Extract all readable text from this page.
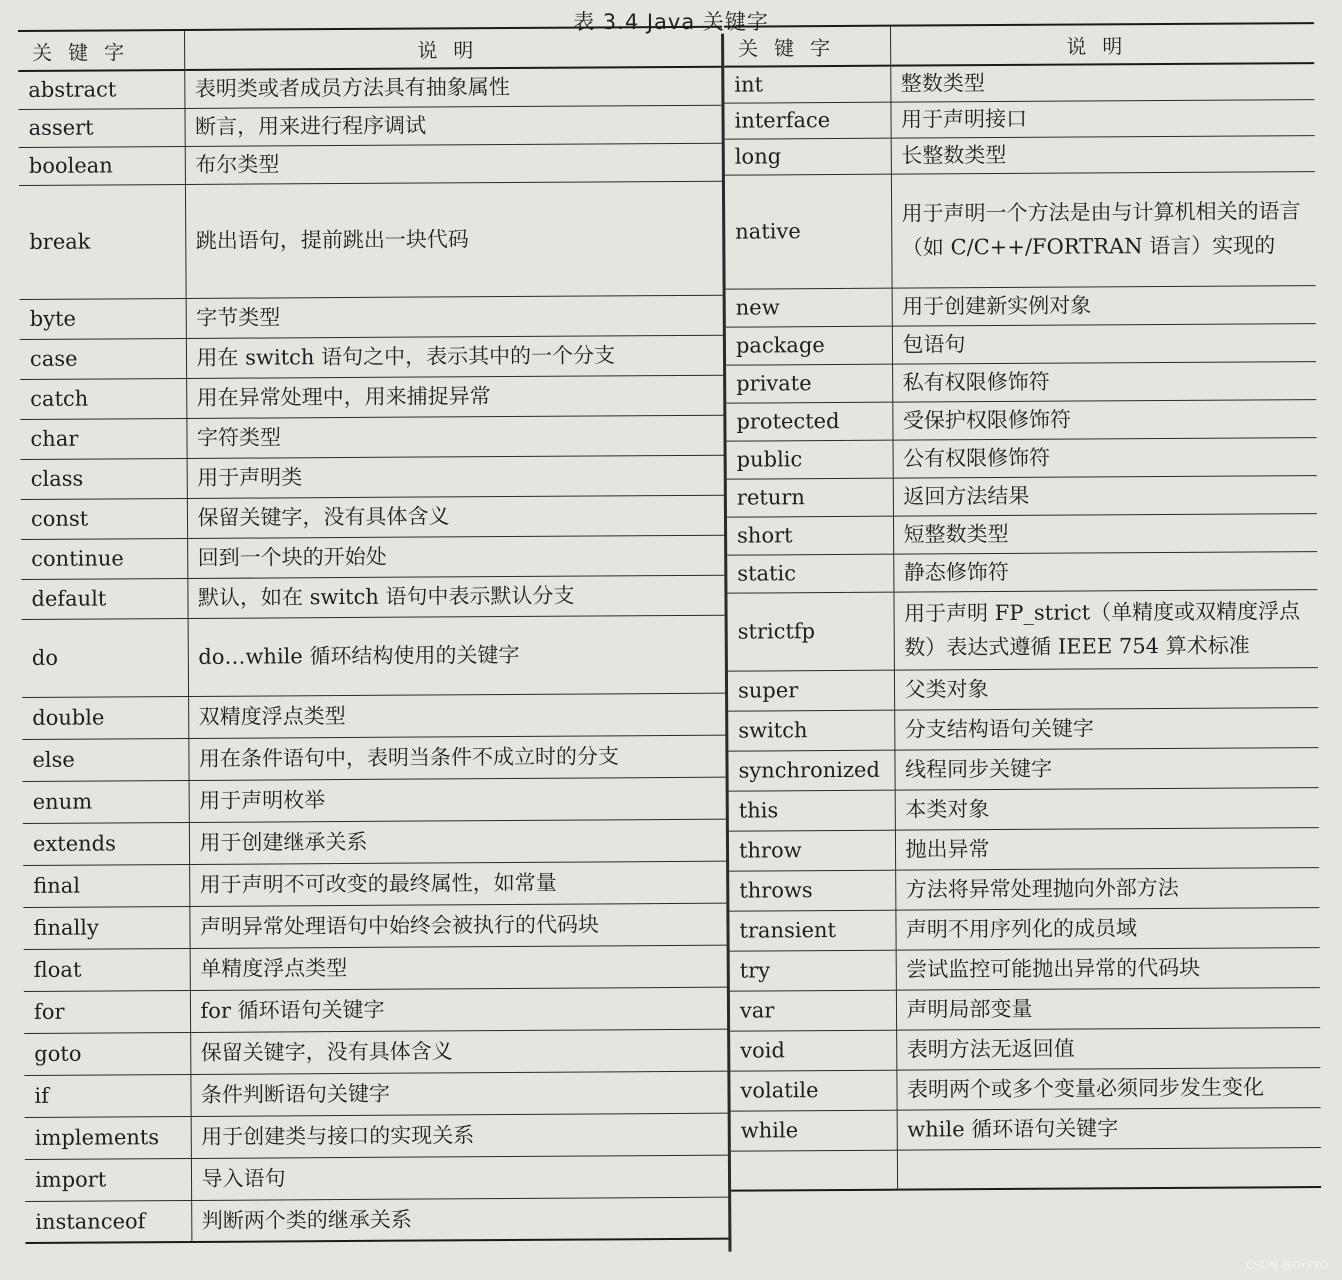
表 3.4 Java 关键字
关键字	说明
abstract	表明类或者成员方法具有抽象属性
assert	断言，用来进行程序调试
boolean	布尔类型
break	跳出语句，提前跳出一块代码
byte	字节类型
case	用在 switch 语句之中，表示其中的一个分支
catch	用在异常处理中，用来捕捉异常
char	字符类型
class	用于声明类
const	保留关键字，没有具体含义
continue	回到一个块的开始处
default	默认，如在 switch 语句中表示默认分支
do	do…while 循环结构使用的关键字
double	双精度浮点类型
else	用在条件语句中，表明当条件不成立时的分支
enum	用于声明枚举
extends	用于创建继承关系
final	用于声明不可改变的最终属性，如常量
finally	声明异常处理语句中始终会被执行的代码块
float	单精度浮点类型
for	for 循环语句关键字
goto	保留关键字，没有具体含义
if	条件判断语句关键字
implements	用于创建类与接口的实现关系
import	导入语句
instanceof	判断两个类的继承关系
关键字	说明
int	整数类型
interface	用于声明接口
long	长整数类型
native	用于声明一个方法是由与计算机相关的语言（如 C/C++/FORTRAN 语言）实现的
new	用于创建新实例对象
package	包语句
private	私有权限修饰符
protected	受保护权限修饰符
public	公有权限修饰符
return	返回方法结果
short	短整数类型
static	静态修饰符
strictfp	用于声明 FP_strict（单精度或双精度浮点数）表达式遵循 IEEE 754 算术标准
super	父类对象
switch	分支结构语句关键字
synchronized	线程同步关键字
this	本类对象
throw	抛出异常
throws	方法将异常处理抛向外部方法
transient	声明不用序列化的成员域
try	尝试监控可能抛出异常的代码块
var	声明局部变量
void	表明方法无返回值
volatile	表明两个或多个变量必须同步发生变化
while	while 循环语句关键字

CSDN @OYFYO
